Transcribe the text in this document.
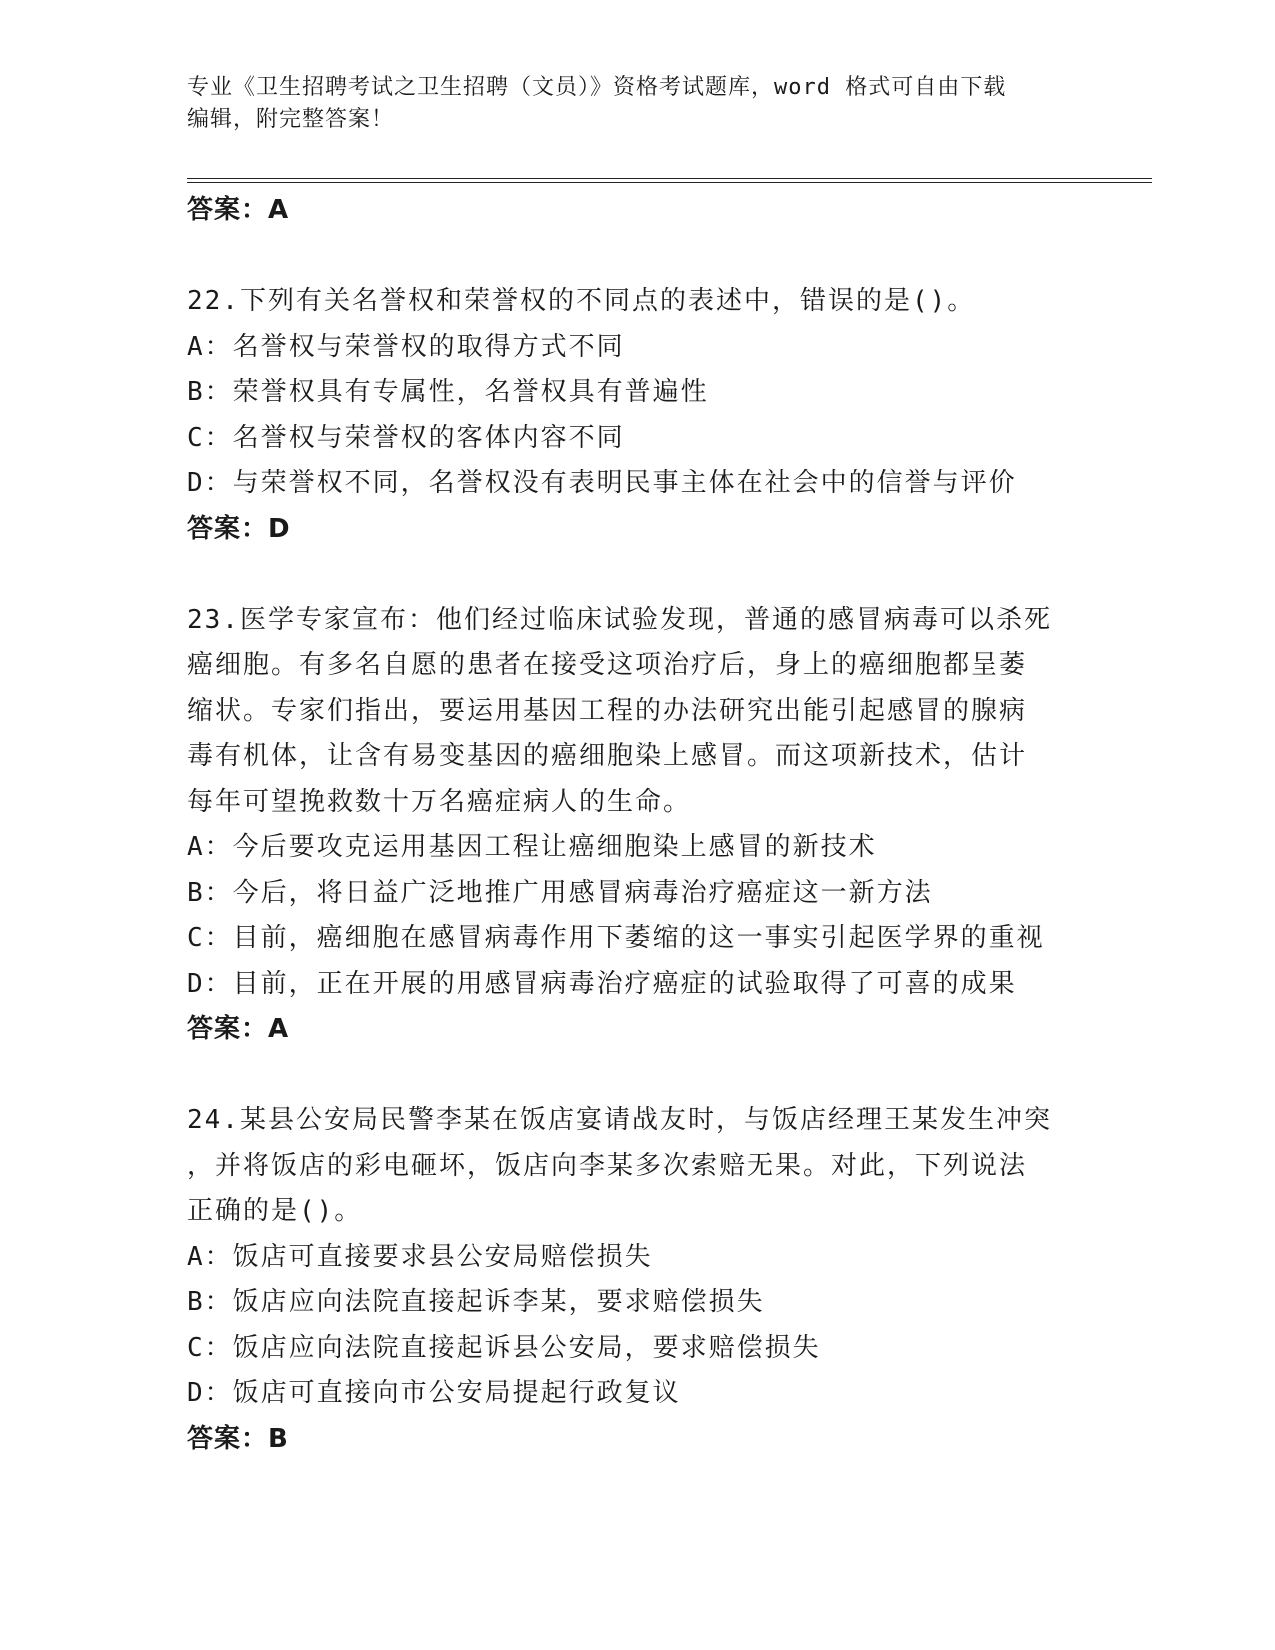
专业《卫生招聘考试之卫生招聘（文员）》资格考试题库，word 格式可自由下载
编辑，附完整答案！
答案：A
22.下列有关名誉权和荣誉权的不同点的表述中，错误的是()。
A：名誉权与荣誉权的取得方式不同
B：荣誉权具有专属性，名誉权具有普遍性
C：名誉权与荣誉权的客体内容不同
D：与荣誉权不同，名誉权没有表明民事主体在社会中的信誉与评价
答案：D
23.医学专家宣布：他们经过临床试验发现，普通的感冒病毒可以杀死
癌细胞。有多名自愿的患者在接受这项治疗后，身上的癌细胞都呈萎
缩状。专家们指出，要运用基因工程的办法研究出能引起感冒的腺病
毒有机体，让含有易变基因的癌细胞染上感冒。而这项新技术，估计
每年可望挽救数十万名癌症病人的生命。
A：今后要攻克运用基因工程让癌细胞染上感冒的新技术
B：今后，将日益广泛地推广用感冒病毒治疗癌症这一新方法
C：目前，癌细胞在感冒病毒作用下萎缩的这一事实引起医学界的重视
D：目前，正在开展的用感冒病毒治疗癌症的试验取得了可喜的成果
答案：A
24.某县公安局民警李某在饭店宴请战友时，与饭店经理王某发生冲突
，并将饭店的彩电砸坏，饭店向李某多次索赔无果。对此，下列说法
正确的是()。
A：饭店可直接要求县公安局赔偿损失
B：饭店应向法院直接起诉李某，要求赔偿损失
C：饭店应向法院直接起诉县公安局，要求赔偿损失
D：饭店可直接向市公安局提起行政复议
答案：B
